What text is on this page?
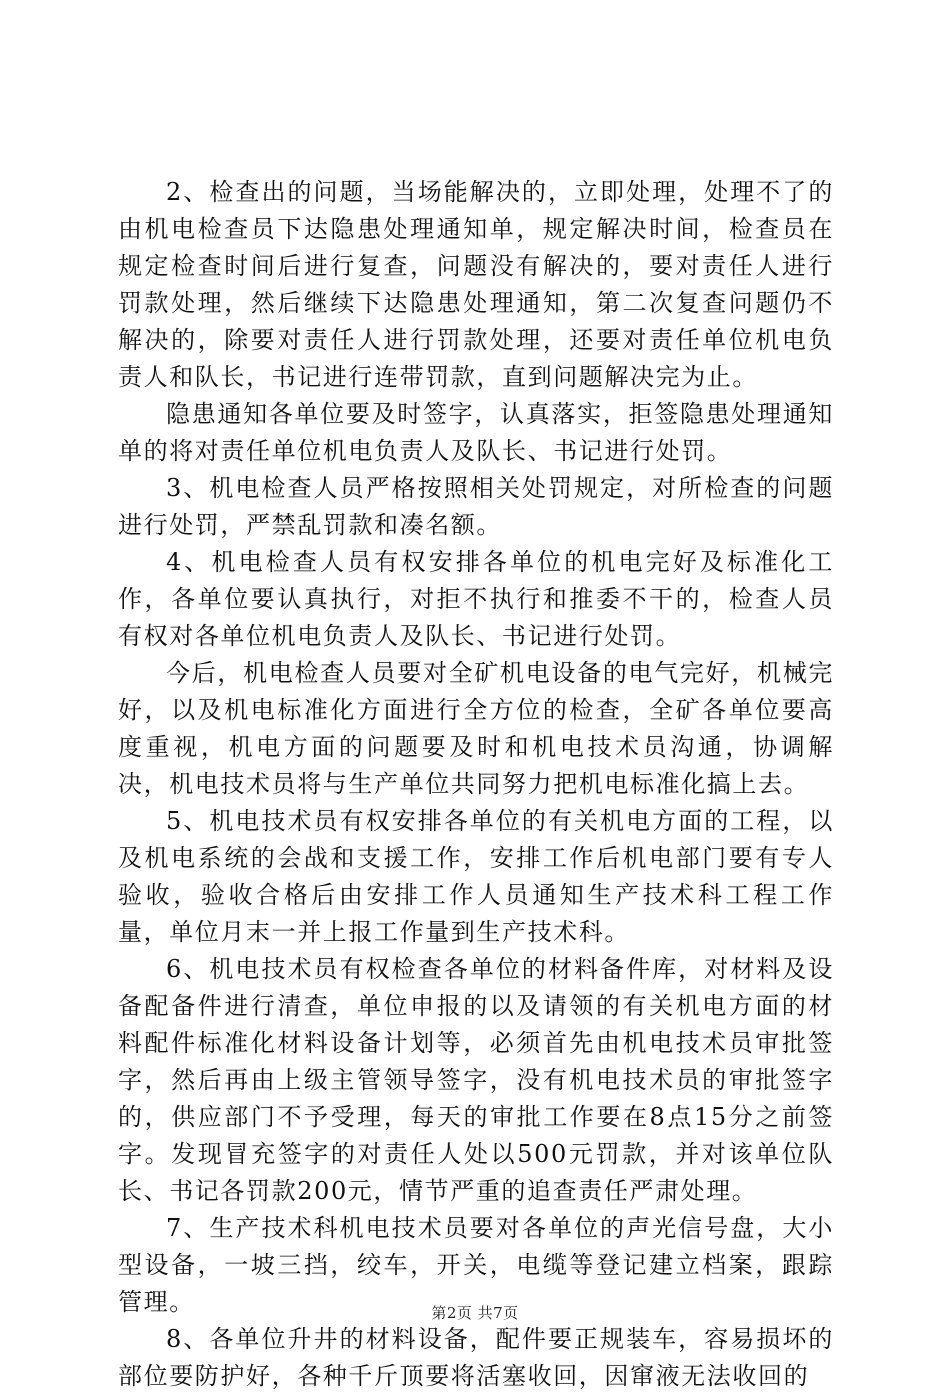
2、检查出的问题，当场能解决的，立即处理，处理不了的由机电检查员下达隐患处理通知单，规定解决时间，检查员在规定检查时间后进行复查，问题没有解决的，要对责任人进行罚款处理，然后继续下达隐患处理通知，第二次复查问题仍不解决的，除要对责任人进行罚款处理，还要对责任单位机电负责人和队长，书记进行连带罚款，直到问题解决完为止。

隐患通知各单位要及时签字，认真落实，拒签隐患处理通知单的将对责任单位机电负责人及队长、书记进行处罚。

3、机电检查人员严格按照相关处罚规定，对所检查的问题进行处罚，严禁乱罚款和凑名额。

4、机电检查人员有权安排各单位的机电完好及标准化工作，各单位要认真执行，对拒不执行和推委不干的，检查人员有权对各单位机电负责人及队长、书记进行处罚。

今后，机电检查人员要对全矿机电设备的电气完好，机械完好，以及机电标准化方面进行全方位的检查，全矿各单位要高度重视，机电方面的问题要及时和机电技术员沟通，协调解决，机电技术员将与生产单位共同努力把机电标准化搞上去。

5、机电技术员有权安排各单位的有关机电方面的工程，以及机电系统的会战和支援工作，安排工作后机电部门要有专人验收，验收合格后由安排工作人员通知生产技术科工程工作量，单位月末一并上报工作量到生产技术科。

6、机电技术员有权检查各单位的材料备件库，对材料及设备配备件进行清查，单位申报的以及请领的有关机电方面的材料配件标准化材料设备计划等，必须首先由机电技术员审批签字，然后再由上级主管领导签字，没有机电技术员的审批签字的，供应部门不予受理，每天的审批工作要在8点15分之前签字。发现冒充签字的对责任人处以500元罚款，并对该单位队长、书记各罚款200元，情节严重的追查责任严肃处理。

7、生产技术科机电技术员要对各单位的声光信号盘，大小型设备，一坡三挡，绞车，开关，电缆等登记建立档案，跟踪管理。

8、各单位升井的材料设备，配件要正规装车，容易损坏的部位要防护好，各种千斤顶要将活塞收回，因窜液无法收回的

第2页 共7页
